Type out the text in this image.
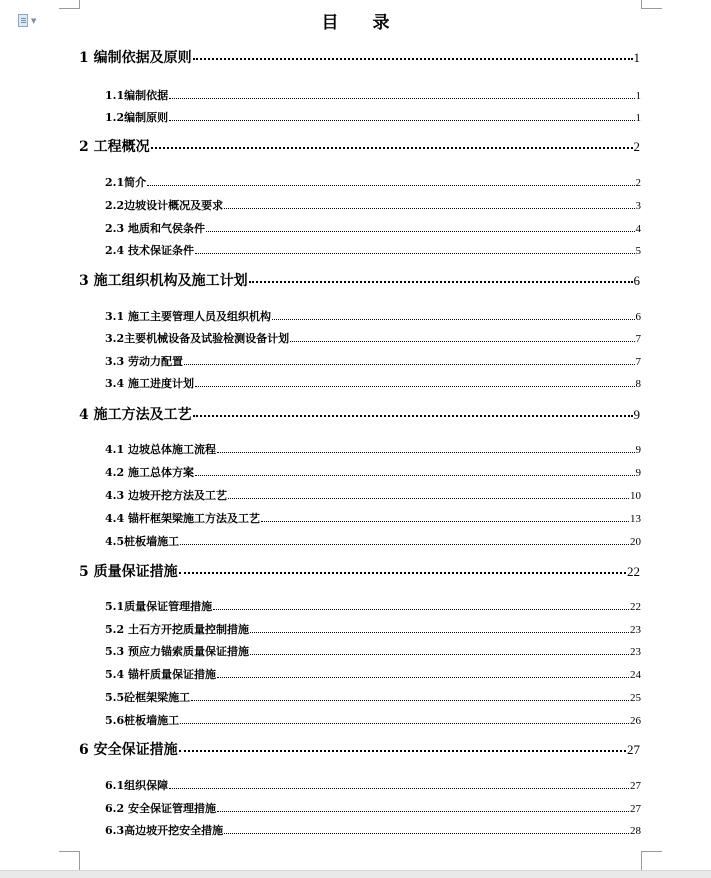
▼	目　　录
1 编制依据及原则	1
1.1编制依据	1
1.2编制原则	1
2 工程概况	2
2.1简介	2
2.2边坡设计概况及要求	3
2.3 地质和气侯条件	4
2.4 技术保证条件	5
3 施工组织机构及施工计划	6
3.1 施工主要管理人员及组织机构	6
3.2主要机械设备及试验检测设备计划	7
3.3 劳动力配置	7
3.4 施工进度计划	8
4 施工方法及工艺	9
4.1 边坡总体施工流程	9
4.2 施工总体方案	9
4.3 边坡开挖方法及工艺	10
4.4 锚杆框架梁施工方法及工艺	13
4.5桩板墙施工	20
5 质量保证措施	22
5.1质量保证管理措施	22
5.2 土石方开挖质量控制措施	23
5.3 预应力锚索质量保证措施	23
5.4 锚杆质量保证措施	24
5.5砼框架梁施工	25
5.6桩板墙施工	26
6 安全保证措施	27
6.1组织保障	27
6.2 安全保证管理措施	27
6.3高边坡开挖安全措施	28
